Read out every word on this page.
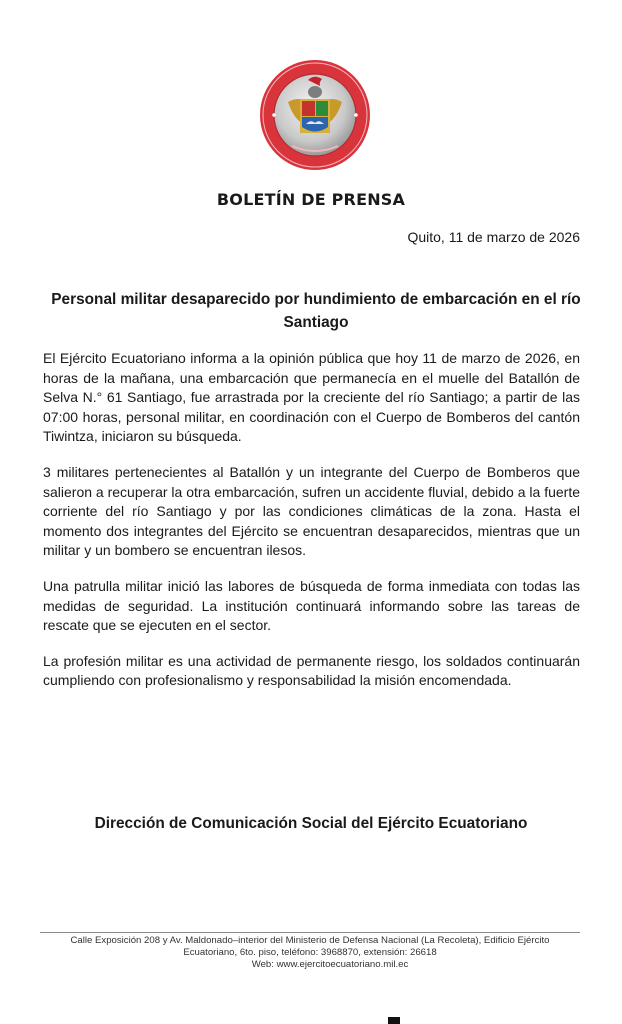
BOLETÍN DE PRENSA
Quito, 11 de marzo de 2026
Personal militar desaparecido por hundimiento de embarcación en el río Santiago

El Ejército Ecuatoriano informa a la opinión pública que hoy 11 de marzo de 2026, en horas de la mañana, una embarcación que permanecía en el muelle del Batallón de Selva N.° 61 Santiago, fue arrastrada por la creciente del río Santiago; a partir de las 07:00 horas, personal militar, en coordinación con el Cuerpo de Bomberos del cantón Tiwintza, iniciaron su búsqueda.

3 militares pertenecientes al Batallón y un integrante del Cuerpo de Bomberos que salieron a recuperar la otra embarcación, sufren un accidente fluvial, debido a la fuerte corriente del río Santiago y por las condiciones climáticas de la zona. Hasta el momento dos integrantes del Ejército se encuentran desaparecidos, mientras que un militar y un bombero se encuentran ilesos.

Una patrulla militar inició las labores de búsqueda de forma inmediata con todas las medidas de seguridad. La institución continuará informando sobre las tareas de rescate que se ejecuten en el sector.

La profesión militar es una actividad de permanente riesgo, los soldados continuarán cumpliendo con profesionalismo y responsabilidad la misión encomendada.

Dirección de Comunicación Social del Ejército Ecuatoriano
Calle Exposición 208 y Av. Maldonado–interior del Ministerio de Defensa Nacional (La Recoleta), Edificio Ejército
Ecuatoriano, 6to. piso, teléfono: 3968870, extensión: 26618
Web: www.ejercitoecuatoriano.mil.ec
